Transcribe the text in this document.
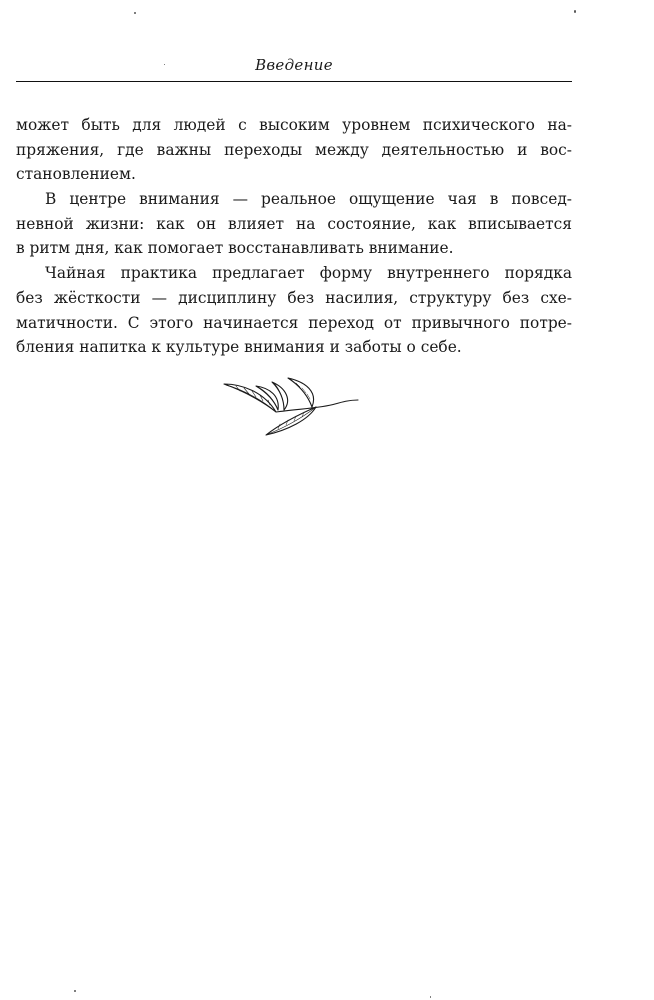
Введение
может быть для людей с высоким уровнем психического на-
пряжения, где важны переходы между деятельностью и вос-
становлением.
В центре внимания — реальное ощущение чая в повсед-
невной жизни: как он влияет на состояние, как вписывается
в ритм дня, как помогает восстанавливать внимание.
Чайная практика предлагает форму внутреннего порядка
без жёсткости — дисциплину без насилия, структуру без схе-
матичности. С этого начинается переход от привычного потре-
бления напитка к культуре внимания и заботы о себе.
